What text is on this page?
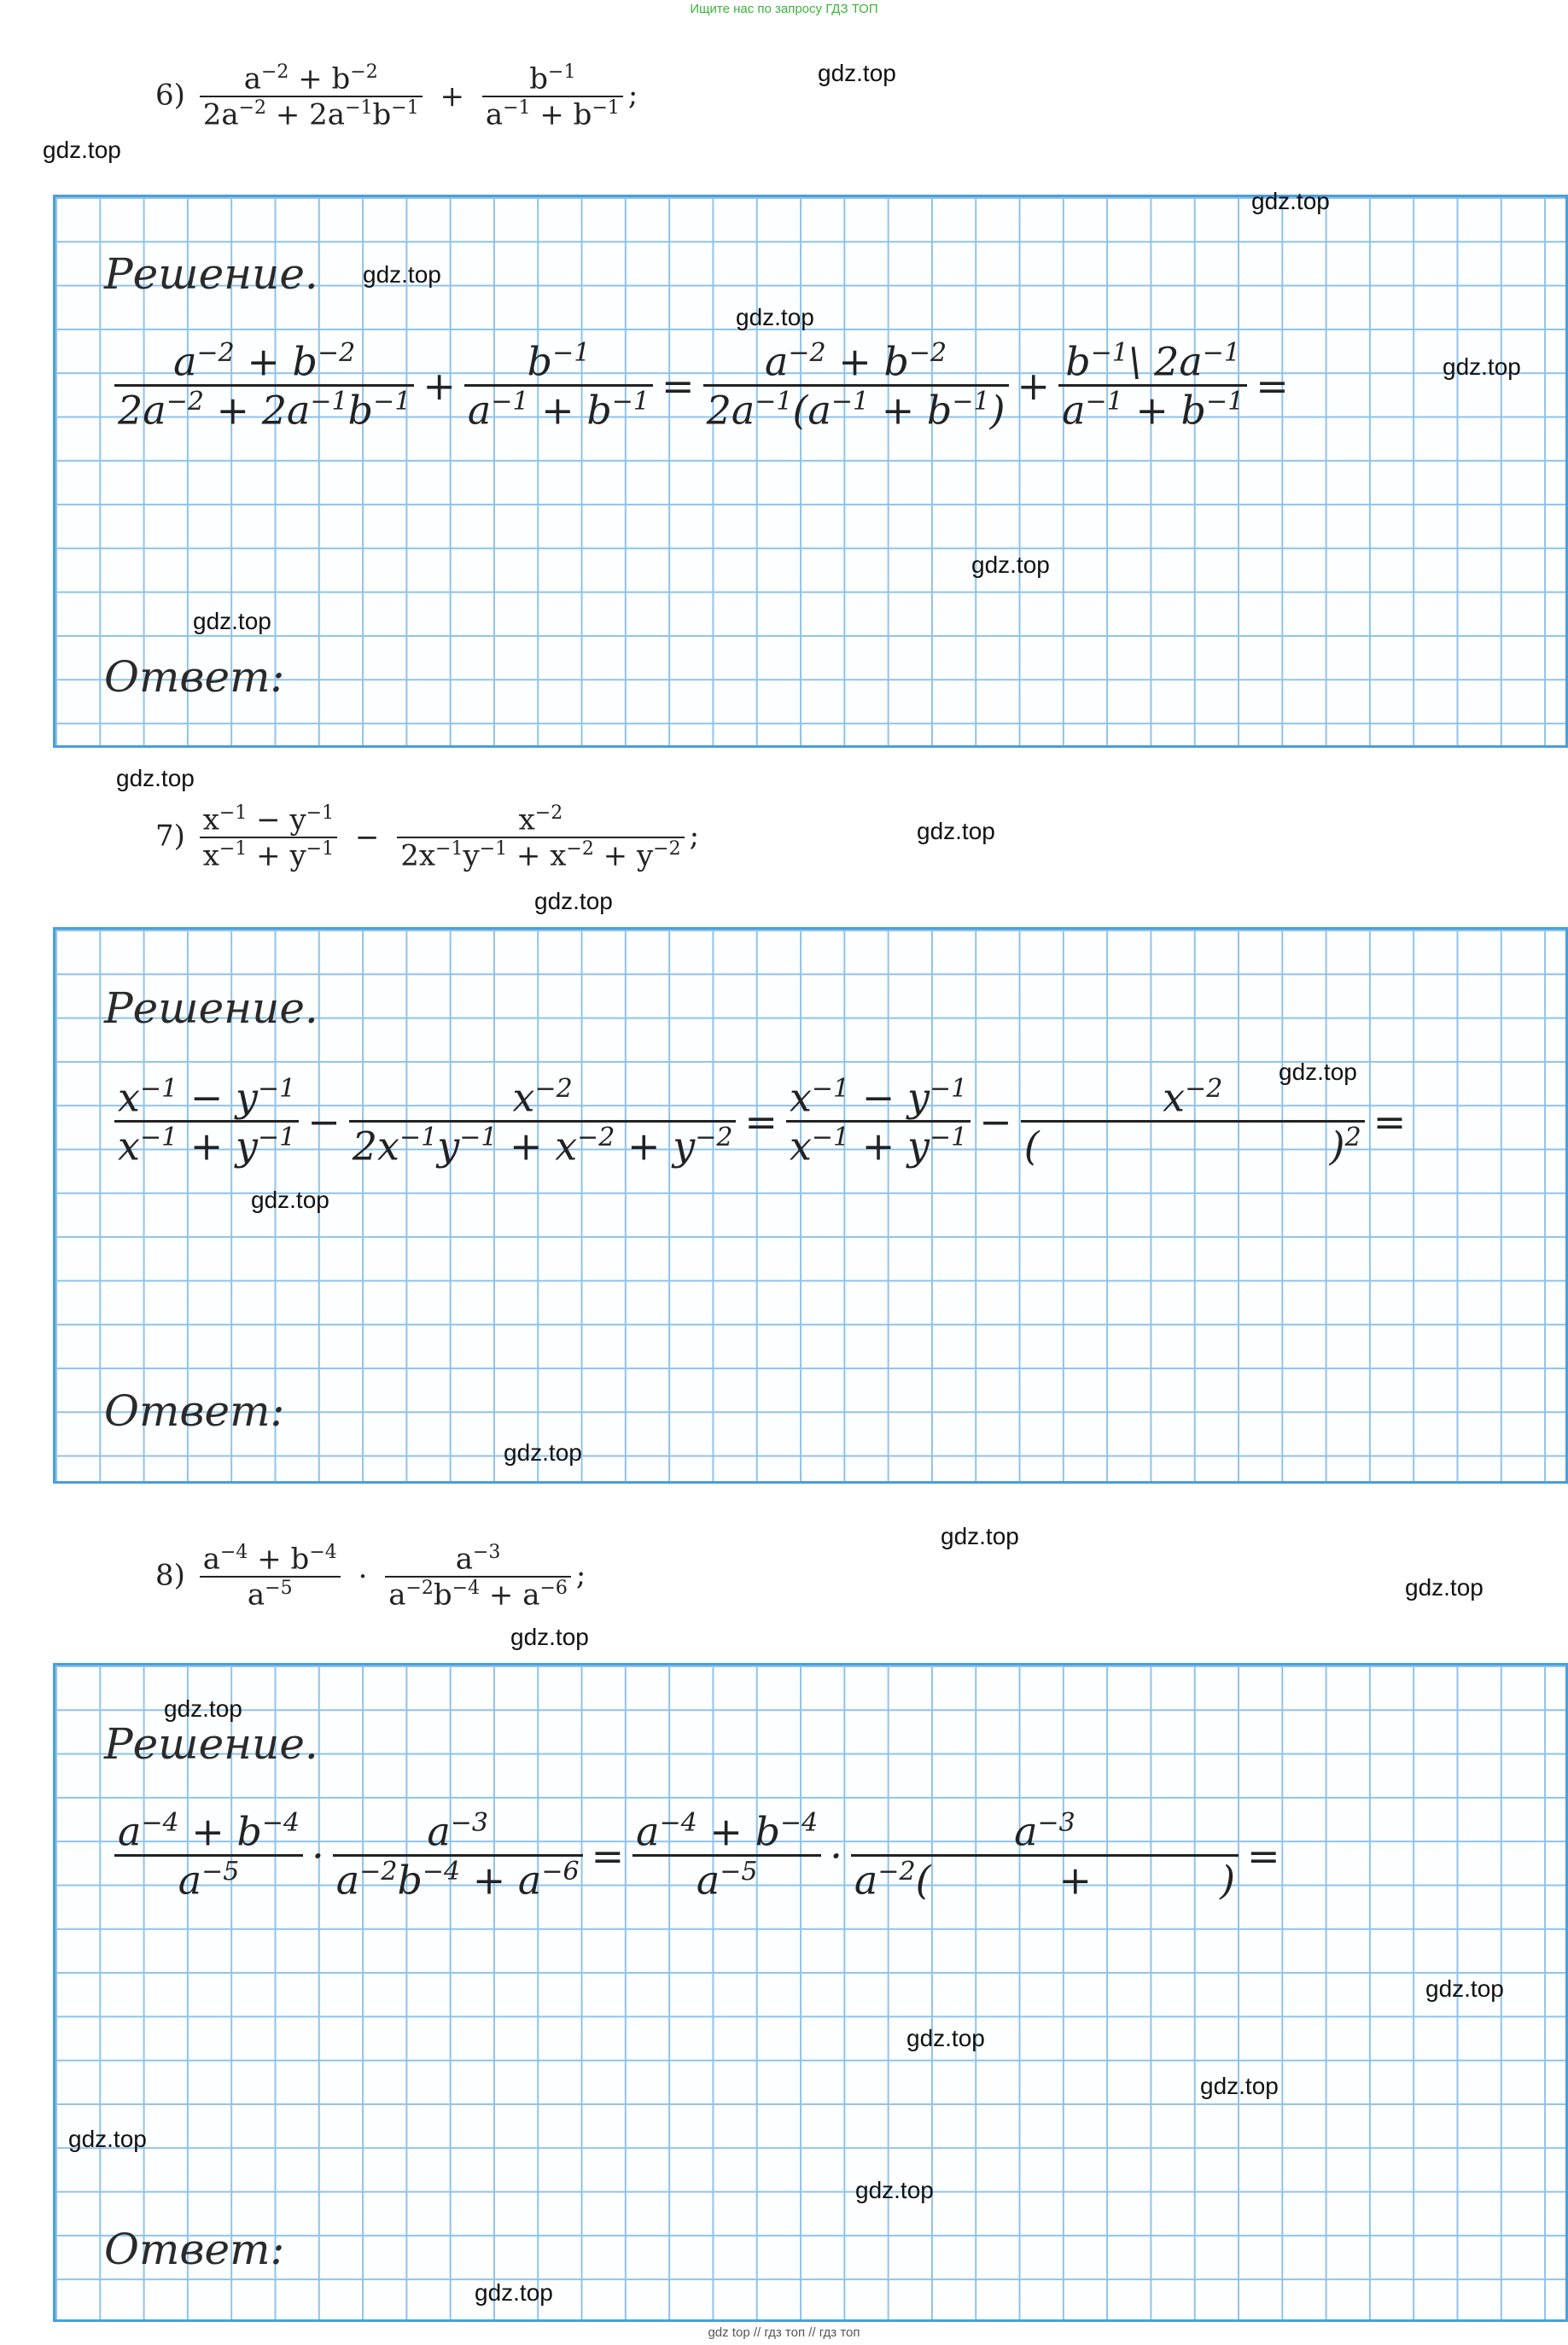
Ищите нас по запросу ГДЗ ТОП
$6) \frac{a^{-2} + b^{-2}}{2a^{-2} + 2a^{-1}b^{-1}} + \frac{b^{-1}}{a^{-1} + b^{-1}}$ ;
Решение.
$\frac{a^{-2} + b^{-2}}{2a^{-2} + 2a^{-1}b^{-1}} + \frac{b^{-1}}{a^{-1} + b^{-1}} = \frac{a^{-2} + b^{-2}}{2a^{-1}(a^{-1} + b^{-1})} + \frac{b^{-1}\backslash 2a^{-1}}{a^{-1} + b^{-1}}$ =
Ответ:
$7) \frac{x^{-1} - y^{-1}}{x^{-1} + y^{-1}} - \frac{x^{-2}}{2x^{-1}y^{-1} + x^{-2} + y^{-2}}$ ;
Решение.
$\frac{x^{-1} - y^{-1}}{x^{-1} + y^{-1}} - \frac{x^{-2}}{2x^{-1}y^{-1} + x^{-2} + y^{-2}} = \frac{x^{-1} - y^{-1}}{x^{-1} + y^{-1}} - x^{-2}$
(	)$^2$ =
Ответ:
$8) \frac{a^{-4} + b^{-4}}{a^{-5}} \cdot \frac{a^{-3}}{a^{-2}b^{-4} + a^{-6}}$ ;
Решение.
$\frac{a^{-4} + b^{-4}}{a^{-5}} \cdot \frac{a^{-3}}{a^{-2}b^{-4} + a^{-6}} = \frac{a^{-4} + b^{-4}}{a^{-5}} \cdot a^{-3}$
$a^{-2}$(	+	) =
Ответ:
gdz.top
gdz.top
gdz.top
gdz.top
gdz.top
gdz.top
gdz.top
gdz.top
gdz.top
gdz.top
gdz.top
gdz.top
gdz.top
gdz.top
gdz.top
gdz.top
gdz.top
gdz.top
gdz.top
gdz.top
gdz.top
gdz.top
gdz.top
gdz.top
gdz top // гдз топ // гдз топ
